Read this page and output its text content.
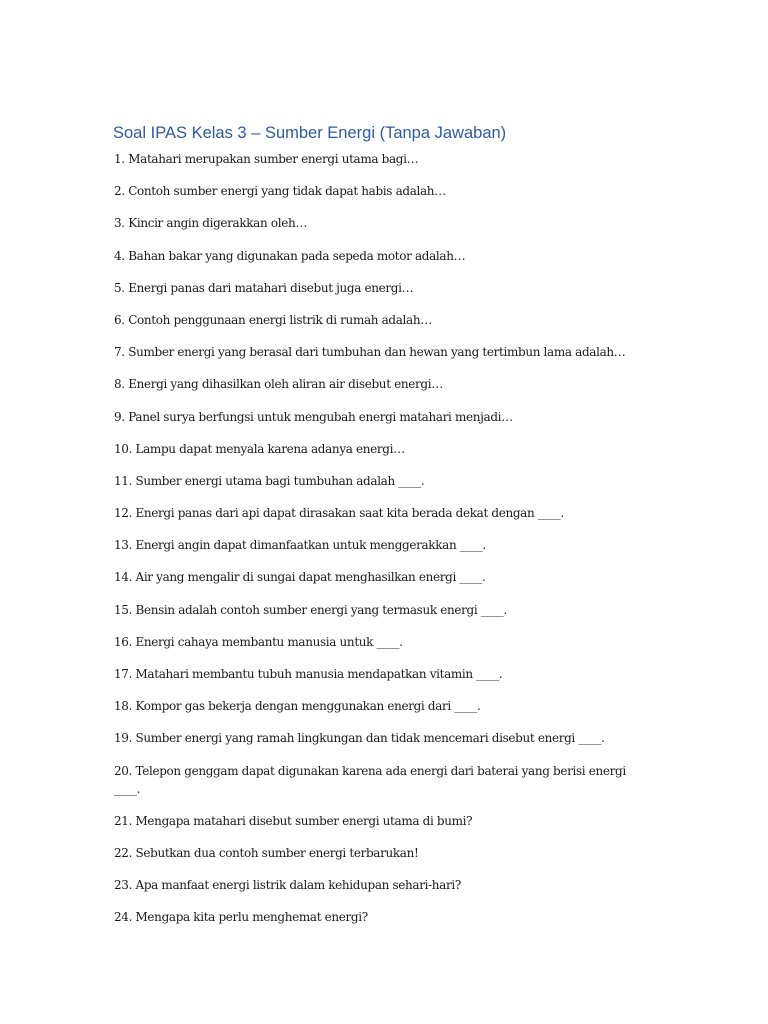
Soal IPAS Kelas 3 – Sumber Energi (Tanpa Jawaban)
1. Matahari merupakan sumber energi utama bagi…
2. Contoh sumber energi yang tidak dapat habis adalah…
3. Kincir angin digerakkan oleh…
4. Bahan bakar yang digunakan pada sepeda motor adalah…
5. Energi panas dari matahari disebut juga energi…
6. Contoh penggunaan energi listrik di rumah adalah…
7. Sumber energi yang berasal dari tumbuhan dan hewan yang tertimbun lama adalah…
8. Energi yang dihasilkan oleh aliran air disebut energi…
9. Panel surya berfungsi untuk mengubah energi matahari menjadi…
10. Lampu dapat menyala karena adanya energi…
11. Sumber energi utama bagi tumbuhan adalah ____.
12. Energi panas dari api dapat dirasakan saat kita berada dekat dengan ____.
13. Energi angin dapat dimanfaatkan untuk menggerakkan ____.
14. Air yang mengalir di sungai dapat menghasilkan energi ____.
15. Bensin adalah contoh sumber energi yang termasuk energi ____.
16. Energi cahaya membantu manusia untuk ____.
17. Matahari membantu tubuh manusia mendapatkan vitamin ____.
18. Kompor gas bekerja dengan menggunakan energi dari ____.
19. Sumber energi yang ramah lingkungan dan tidak mencemari disebut energi ____.
20. Telepon genggam dapat digunakan karena ada energi dari baterai yang berisi energi ____.
21. Mengapa matahari disebut sumber energi utama di bumi?
22. Sebutkan dua contoh sumber energi terbarukan!
23. Apa manfaat energi listrik dalam kehidupan sehari-hari?
24. Mengapa kita perlu menghemat energi?
